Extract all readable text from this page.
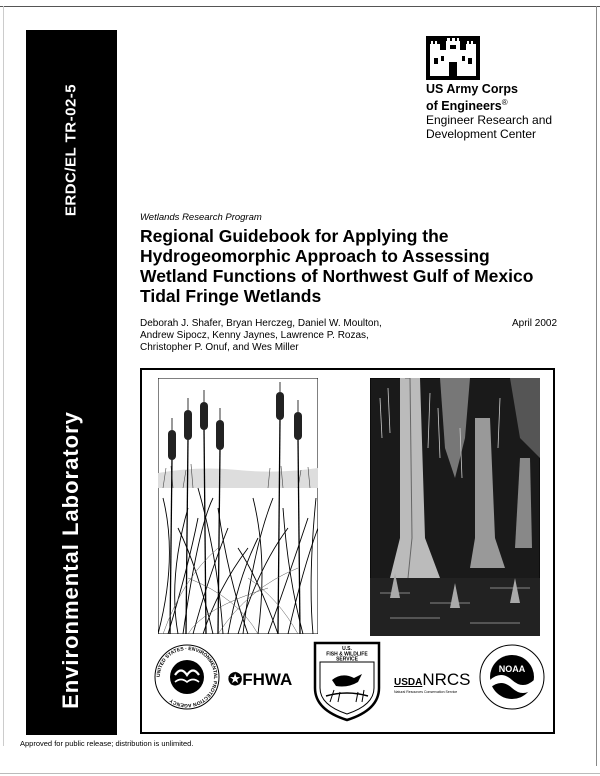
ERDC/EL TR-02-5
Environmental Laboratory
US Army Corps
of Engineers®
Engineer Research and
Development Center
Wetlands Research Program
Regional Guidebook for Applying the Hydrogeomorphic Approach to Assessing Wetland Functions of Northwest Gulf of Mexico Tidal Fringe Wetlands
Deborah J. Shafer, Bryan Herczeg, Daniel W. Moulton,
Andrew Sipocz, Kenny Jaynes, Lawrence P. Rozas,
Christopher P. Onuf, and Wes Miller
April 2002
UNITED STATES · ENVIRONMENTAL PROTECTION AGENCY
✪FHWA
U.S.
FISH & WILDLIFE
SERVICE
USDANRCS
Natural Resources Conservation Service
NOAA
Approved for public release; distribution is unlimited.
